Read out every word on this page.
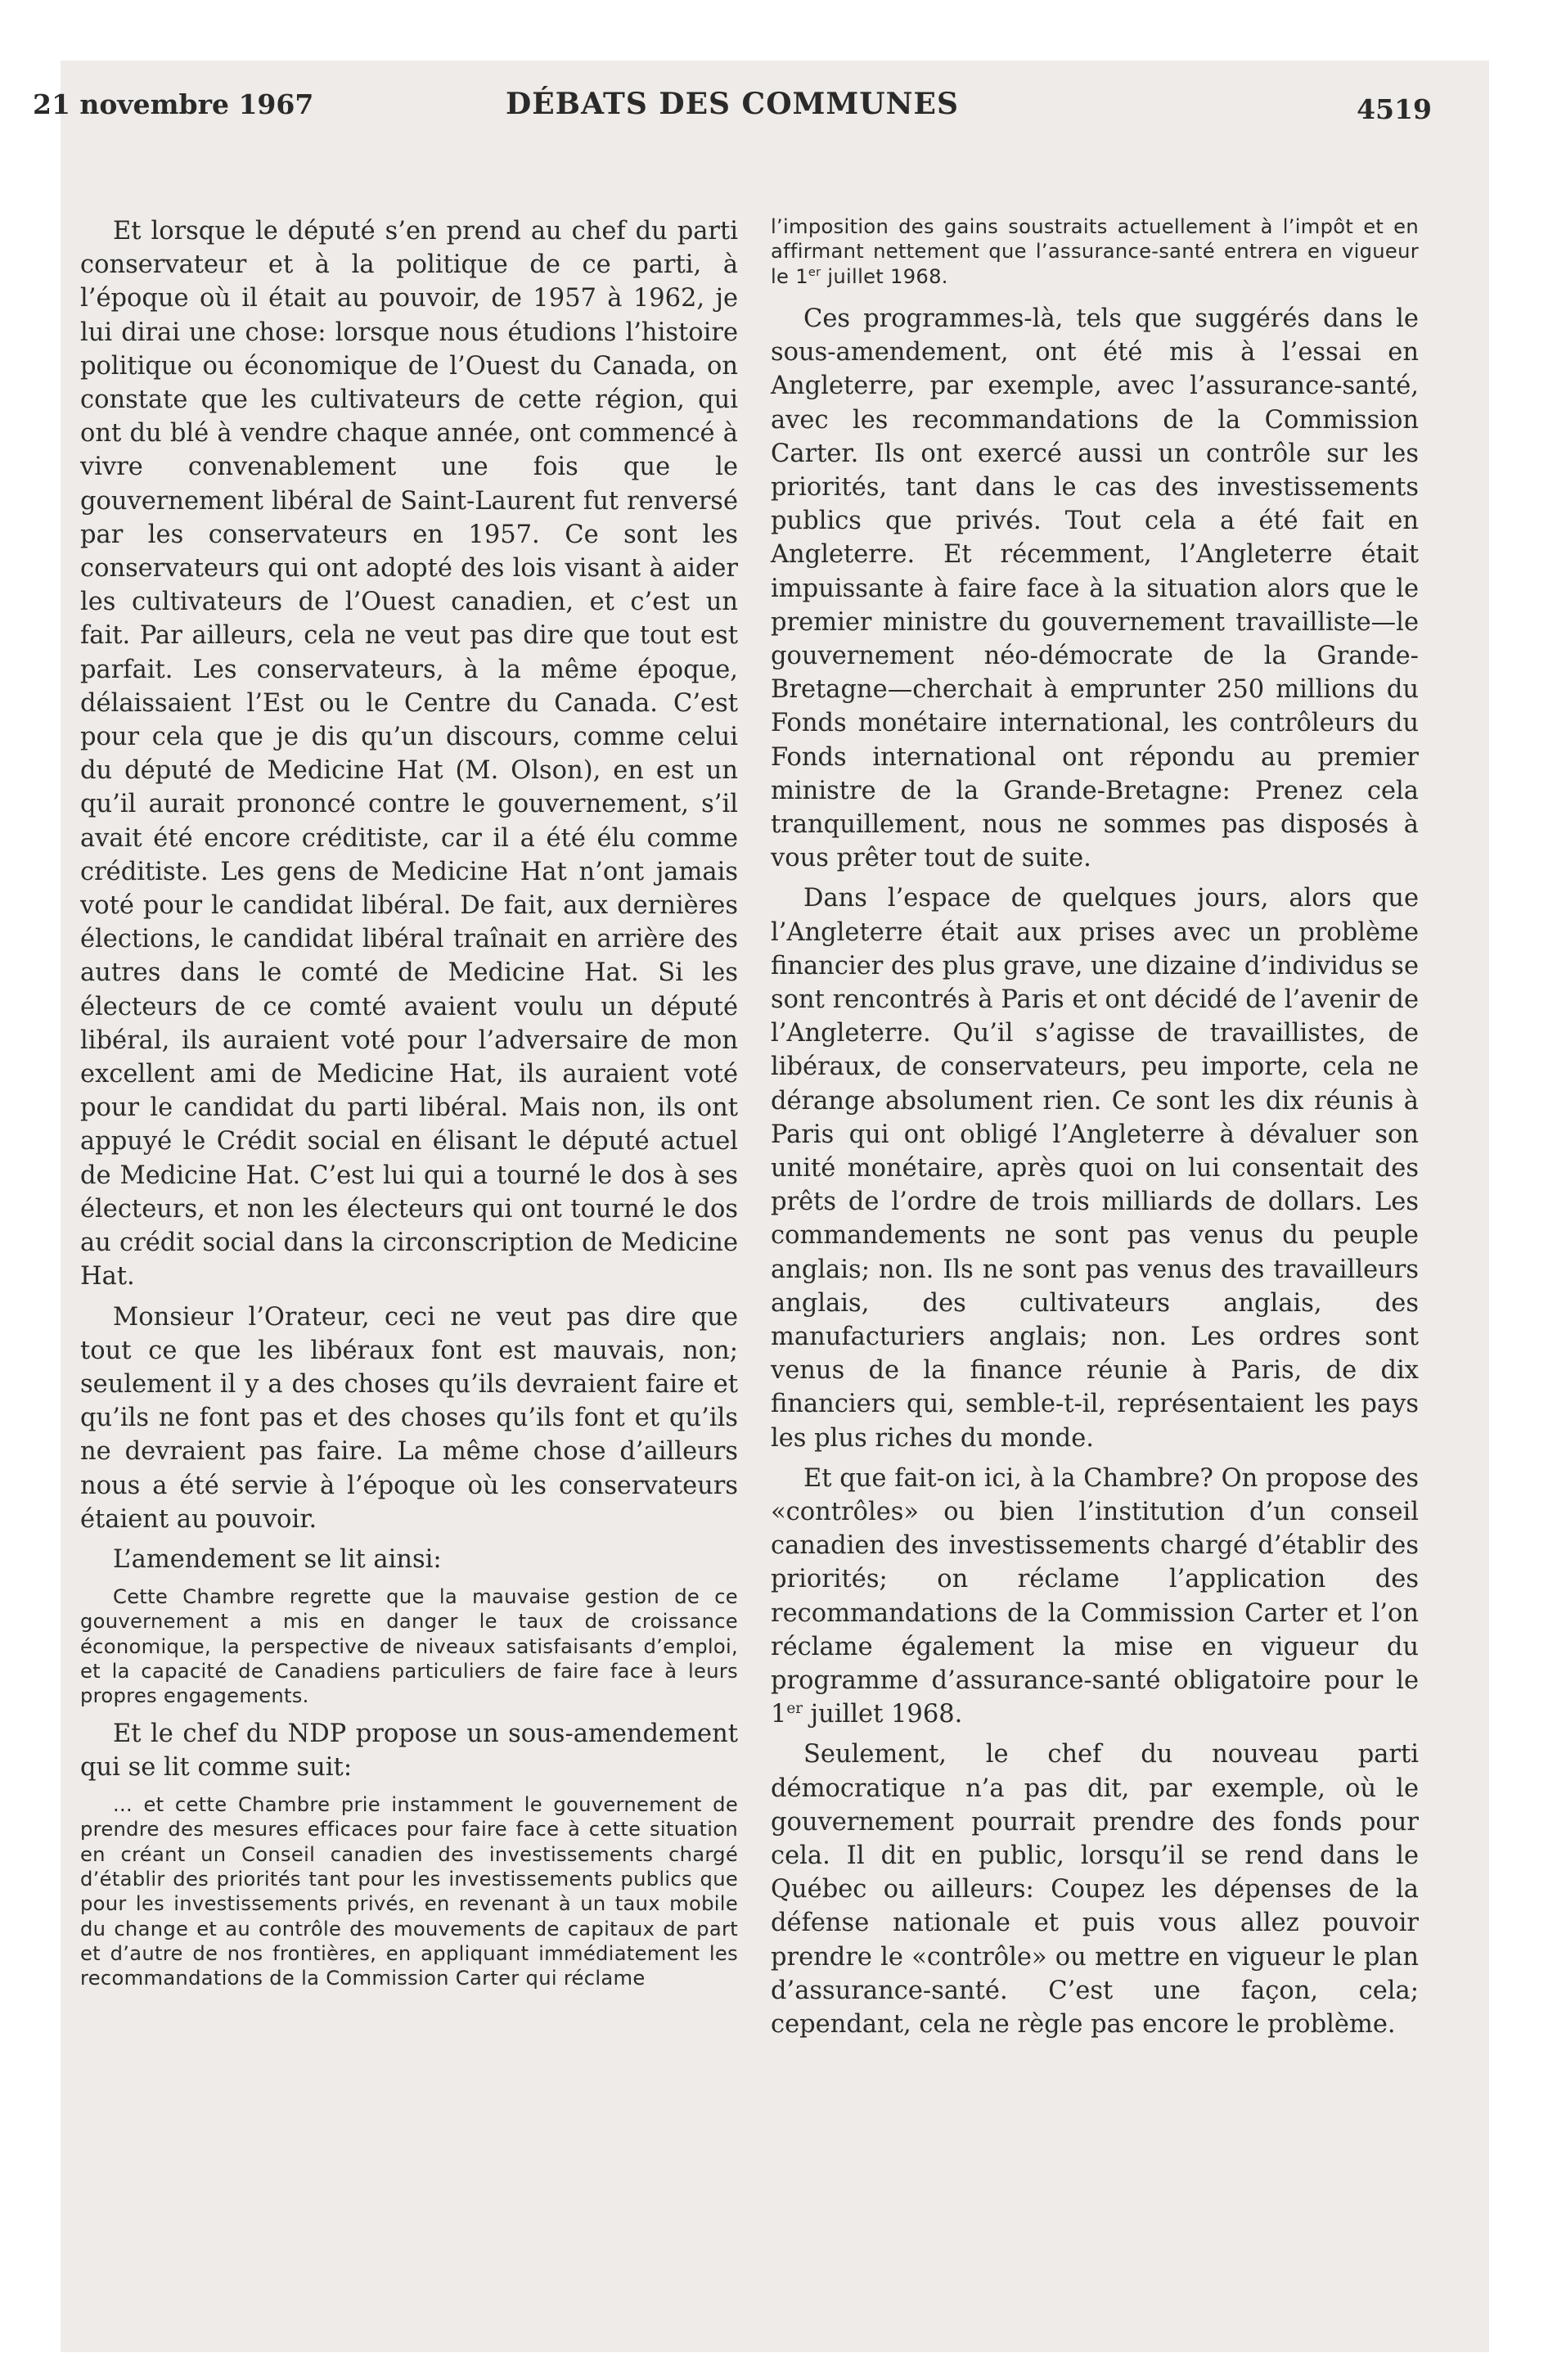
21 novembre 1967	DÉBATS DES COMMUNES	4519

Et lorsque le député s’en prend au chef du parti conservateur et à la politique de ce parti, à l’époque où il était au pouvoir, de 1957 à 1962, je lui dirai une chose: lorsque nous étudions l’histoire politique ou économique de l’Ouest du Canada, on constate que les cultivateurs de cette région, qui ont du blé à vendre chaque année, ont commencé à vivre convenablement une fois que le gouvernement libéral de Saint-Laurent fut renversé par les conservateurs en 1957. Ce sont les conservateurs qui ont adopté des lois visant à aider les cultivateurs de l’Ouest canadien, et c’est un fait. Par ailleurs, cela ne veut pas dire que tout est parfait. Les conservateurs, à la même époque, délaissaient l’Est ou le Centre du Canada. C’est pour cela que je dis qu’un discours, comme celui du député de Medicine Hat (M. Olson), en est un qu’il aurait prononcé contre le gouvernement, s’il avait été encore créditiste, car il a été élu comme créditiste. Les gens de Medicine Hat n’ont jamais voté pour le candidat libéral. De fait, aux dernières élections, le candidat libéral traînait en arrière des autres dans le comté de Medicine Hat. Si les électeurs de ce comté avaient voulu un député libéral, ils auraient voté pour l’adversaire de mon excellent ami de Medicine Hat, ils auraient voté pour le candidat du parti libéral. Mais non, ils ont appuyé le Crédit social en élisant le député actuel de Medicine Hat. C’est lui qui a tourné le dos à ses électeurs, et non les électeurs qui ont tourné le dos au crédit social dans la circonscription de Medicine Hat.

Monsieur l’Orateur, ceci ne veut pas dire que tout ce que les libéraux font est mauvais, non; seulement il y a des choses qu’ils devraient faire et qu’ils ne font pas et des choses qu’ils font et qu’ils ne devraient pas faire. La même chose d’ailleurs nous a été servie à l’époque où les conservateurs étaient au pouvoir.

L’amendement se lit ainsi:

Cette Chambre regrette que la mauvaise gestion de ce gouvernement a mis en danger le taux de croissance économique, la perspective de niveaux satisfaisants d’emploi, et la capacité de Canadiens particuliers de faire face à leurs propres engagements.

Et le chef du NDP propose un sous-amendement qui se lit comme suit:

... et cette Chambre prie instamment le gouvernement de prendre des mesures efficaces pour faire face à cette situation en créant un Conseil canadien des investissements chargé d’établir des priorités tant pour les investissements publics que pour les investissements privés, en revenant à un taux mobile du change et au contrôle des mouvements de capitaux de part et d’autre de nos frontières, en appliquant immédiatement les recommandations de la Commission Carter qui réclame

l’imposition des gains soustraits actuellement à l’impôt et en affirmant nettement que l’assurance-santé entrera en vigueur le 1er juillet 1968.

Ces programmes-là, tels que suggérés dans le sous-amendement, ont été mis à l’essai en Angleterre, par exemple, avec l’assurance-santé, avec les recommandations de la Commission Carter. Ils ont exercé aussi un contrôle sur les priorités, tant dans le cas des investissements publics que privés. Tout cela a été fait en Angleterre. Et récemment, l’Angleterre était impuissante à faire face à la situation alors que le premier ministre du gouvernement travailliste—le gouvernement néo-démocrate de la Grande-Bretagne—cherchait à emprunter 250 millions du Fonds monétaire international, les contrôleurs du Fonds international ont répondu au premier ministre de la Grande-Bretagne: Prenez cela tranquillement, nous ne sommes pas disposés à vous prêter tout de suite.

Dans l’espace de quelques jours, alors que l’Angleterre était aux prises avec un problème financier des plus grave, une dizaine d’individus se sont rencontrés à Paris et ont décidé de l’avenir de l’Angleterre. Qu’il s’agisse de travaillistes, de libéraux, de conservateurs, peu importe, cela ne dérange absolument rien. Ce sont les dix réunis à Paris qui ont obligé l’Angleterre à dévaluer son unité monétaire, après quoi on lui consentait des prêts de l’ordre de trois milliards de dollars. Les commandements ne sont pas venus du peuple anglais; non. Ils ne sont pas venus des travailleurs anglais, des cultivateurs anglais, des manufacturiers anglais; non. Les ordres sont venus de la finance réunie à Paris, de dix financiers qui, semble-t-il, représentaient les pays les plus riches du monde.

Et que fait-on ici, à la Chambre? On propose des «contrôles» ou bien l’institution d’un conseil canadien des investissements chargé d’établir des priorités; on réclame l’application des recommandations de la Commission Carter et l’on réclame également la mise en vigueur du programme d’assurance-santé obligatoire pour le 1er juillet 1968.

Seulement, le chef du nouveau parti démocratique n’a pas dit, par exemple, où le gouvernement pourrait prendre des fonds pour cela. Il dit en public, lorsqu’il se rend dans le Québec ou ailleurs: Coupez les dépenses de la défense nationale et puis vous allez pouvoir prendre le «contrôle» ou mettre en vigueur le plan d’assurance-santé. C’est une façon, cela; cependant, cela ne règle pas encore le problème.
